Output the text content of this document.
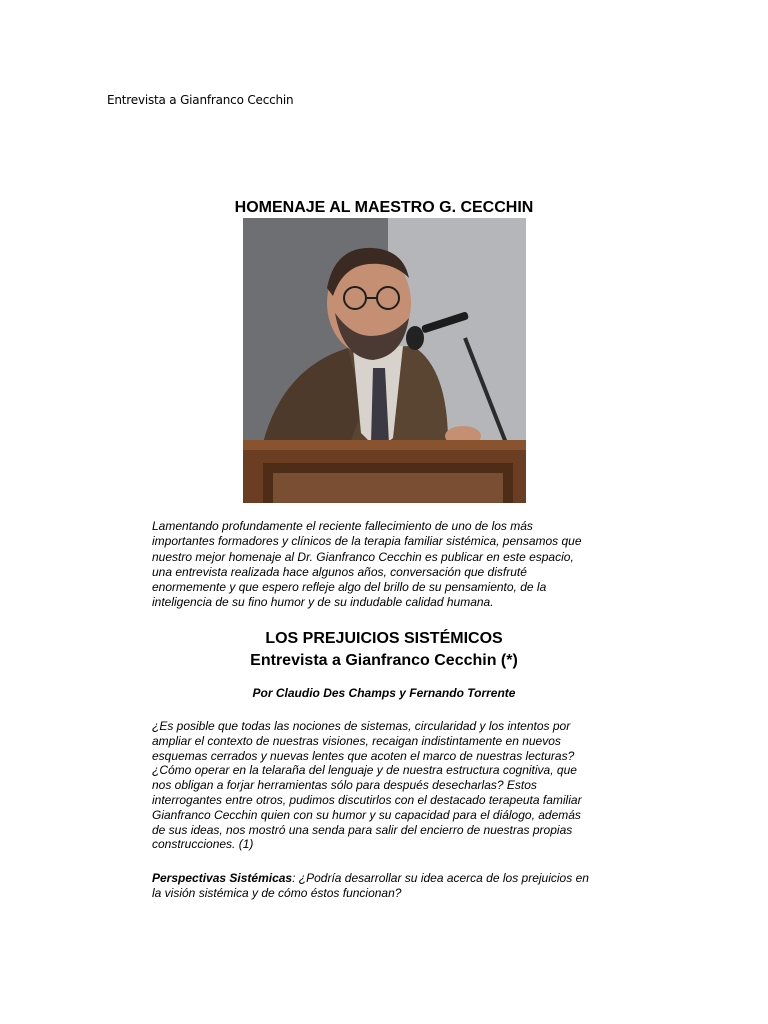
Entrevista a Gianfranco Cecchin
HOMENAJE AL MAESTRO G. CECCHIN
Lamentando profundamente el reciente fallecimiento de uno de los más
importantes formadores y clínicos de la terapia familiar sistémica, pensamos que
nuestro mejor homenaje al Dr. Gianfranco Cecchin es publicar en este espacio,
una entrevista realizada hace algunos años, conversación que disfruté
enormemente y que espero refleje algo del brillo de su pensamiento, de la
inteligencia de su fino humor y de su indudable calidad humana.
LOS PREJUICIOS SISTÉMICOS
Entrevista a Gianfranco Cecchin (*)
Por Claudio Des Champs y Fernando Torrente
¿Es posible que todas las nociones de sistemas, circularidad y los intentos por
ampliar el contexto de nuestras visiones, recaigan indistintamente en nuevos
esquemas cerrados y nuevas lentes que acoten el marco de nuestras lecturas?
¿Cómo operar en la telaraña del lenguaje y de nuestra estructura cognitiva, que
nos obligan a forjar herramientas sólo para después desecharlas? Estos
interrogantes entre otros, pudimos discutirlos con el destacado terapeuta familiar
Gianfranco Cecchin quien con su humor y su capacidad para el diálogo, además
de sus ideas, nos mostró una senda para salir del encierro de nuestras propias
construcciones. (1)
Perspectivas Sistémicas: ¿Podría desarrollar su idea acerca de los prejuicios en
la visión sistémica y de cómo éstos funcionan?
